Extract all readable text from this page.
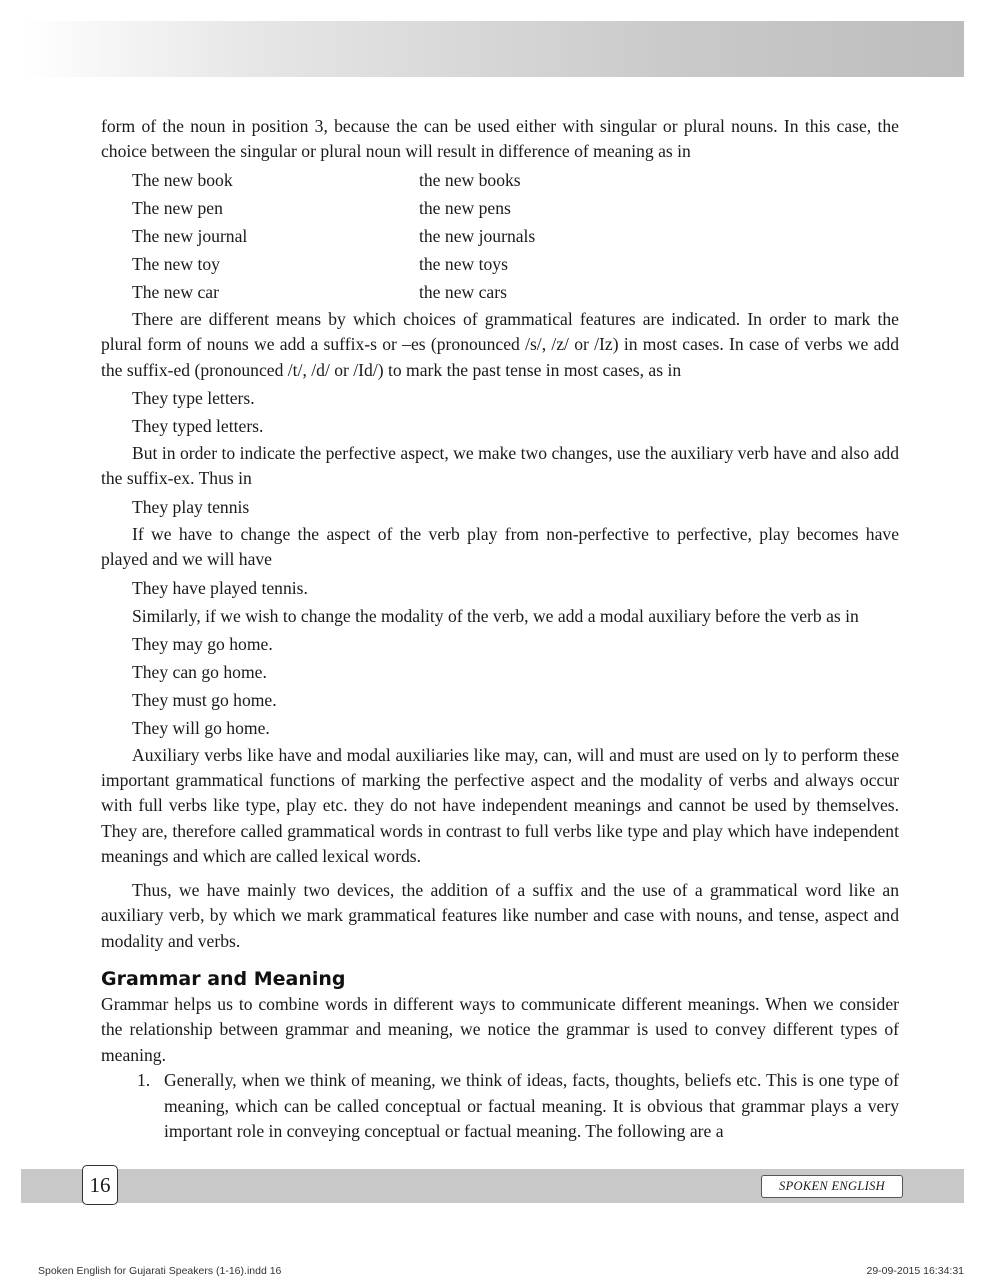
form of the noun in position 3, because the can be used either with singular or plural nouns. In this case, the choice between the singular or plural noun will result in difference of meaning as in

The new book	the new books
The new pen	the new pens
The new journal	the new journals
The new toy	the new toys
The new car	the new cars

There are different means by which choices of grammatical features are indicated. In order to mark the plural form of nouns we add a suffix-s or –es (pronounced /s/, /z/ or /Iz) in most cases. In case of verbs we add the suffix-ed (pronounced /t/, /d/ or /Id/) to mark the past tense in most cases, as in

They type letters.
They typed letters.

But in order to indicate the perfective aspect, we make two changes, use the auxiliary verb have and also add the suffix-ex. Thus in

They play tennis

If we have to change the aspect of the verb play from non-perfective to perfective, play becomes have played and we will have

They have played tennis.
Similarly, if we wish to change the modality of the verb, we add a modal auxiliary before the verb as in
They may go home.
They can go home.
They must go home.
They will go home.

Auxiliary verbs like have and modal auxiliaries like may, can, will and must are used on ly to perform these important grammatical functions of marking the perfective aspect and the modality of verbs and always occur with full verbs like type, play etc. they do not have independent meanings and cannot be used by themselves. They are, therefore called grammatical words in contrast to full verbs like type and play which have independent meanings and which are called lexical words.

Thus, we have mainly two devices, the addition of a suffix and the use of a grammatical word like an auxiliary verb, by which we mark grammatical features like number and case with nouns, and tense, aspect and modality and verbs.

Grammar and Meaning

Grammar helps us to combine words in different ways to communicate different meanings. When we consider the relationship between grammar and meaning, we notice the grammar is used to convey different types of meaning.

1. Generally, when we think of meaning, we think of ideas, facts, thoughts, beliefs etc. This is one type of meaning, which can be called conceptual or factual meaning. It is obvious that grammar plays a very important role in conveying conceptual or factual meaning. The following are a
16	SPOKEN ENGLISH
Spoken English for Gujarati Speakers (1-16).indd 16	29-09-2015 16:34:31
